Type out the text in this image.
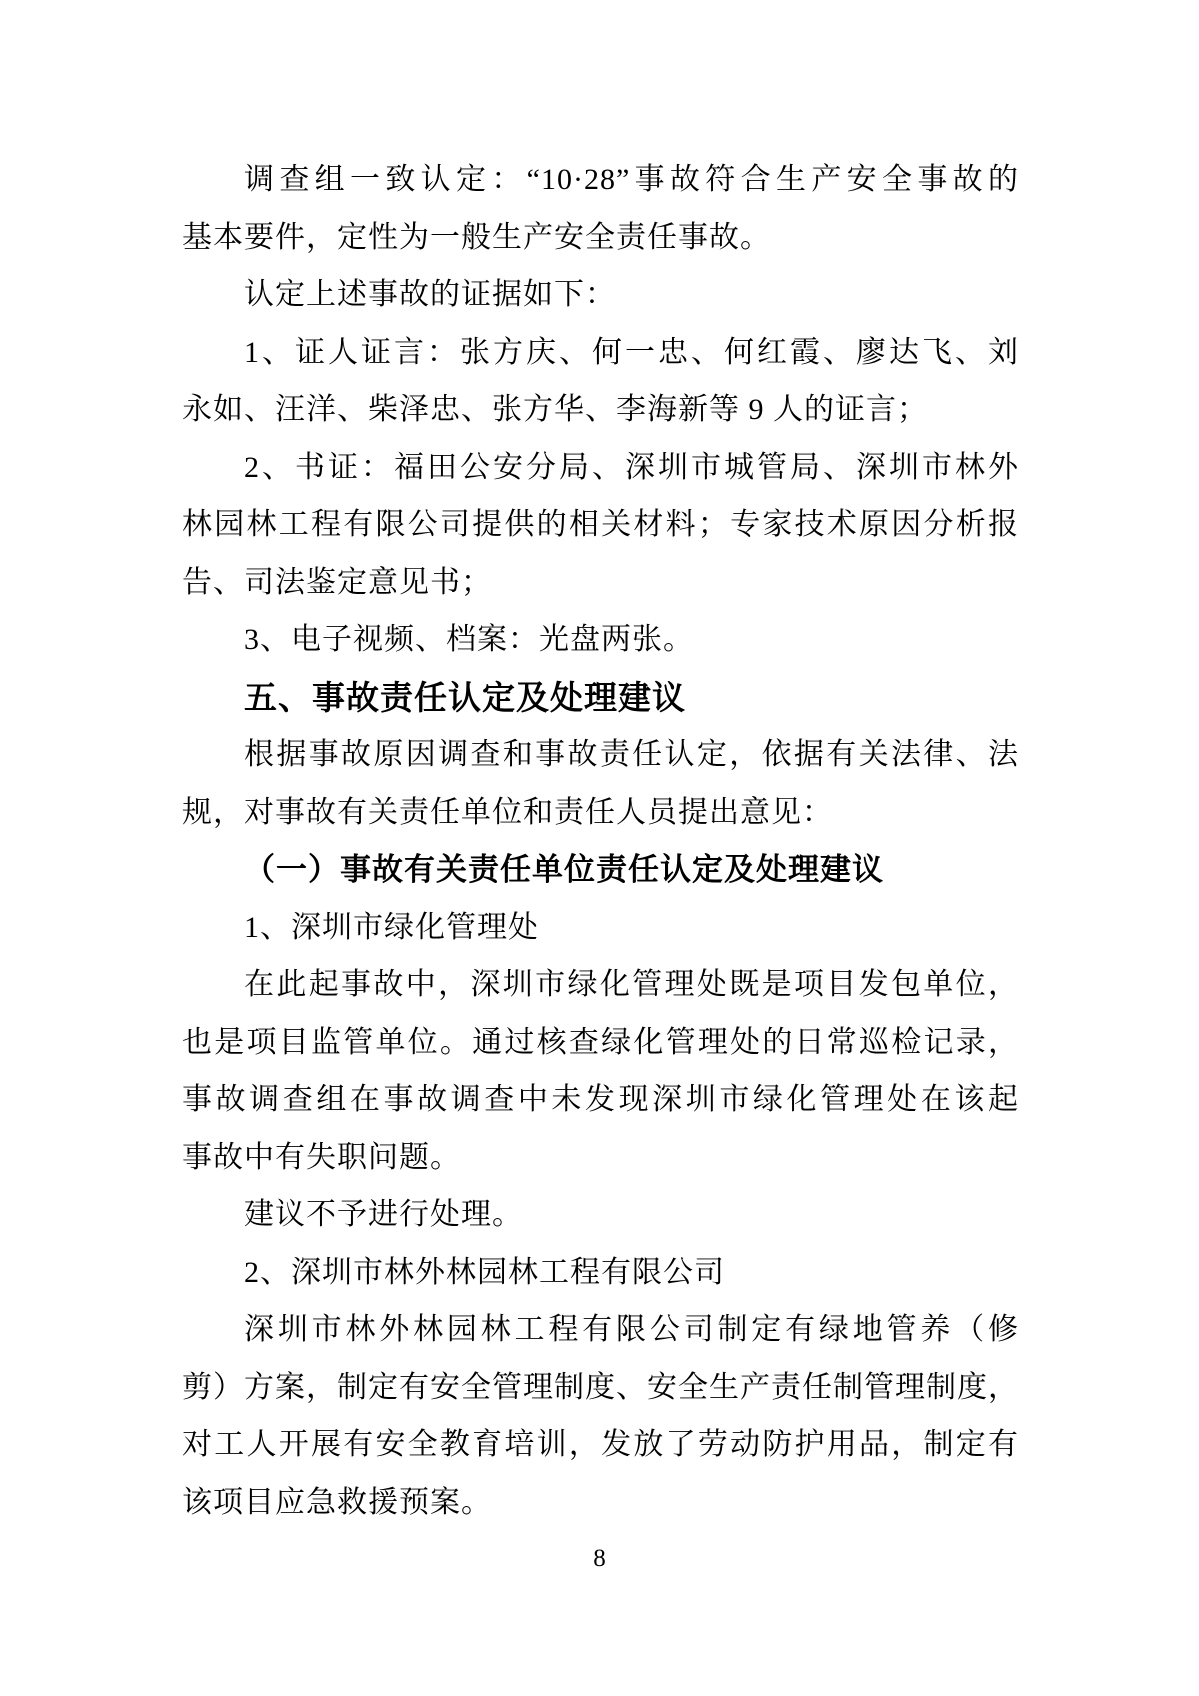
调查组一致认定：“10·28”事故符合生产安全事故的
基本要件，定性为一般生产安全责任事故。
认定上述事故的证据如下：
1、证人证言：张方庆、何一忠、何红霞、廖达飞、刘
永如、汪洋、柴泽忠、张方华、李海新等 9 人的证言；
2、书证：福田公安分局、深圳市城管局、深圳市林外
林园林工程有限公司提供的相关材料；专家技术原因分析报
告、司法鉴定意见书；
3、电子视频、档案：光盘两张。
五、事故责任认定及处理建议
根据事故原因调查和事故责任认定，依据有关法律、法
规，对事故有关责任单位和责任人员提出意见：
（一）事故有关责任单位责任认定及处理建议
1、深圳市绿化管理处
在此起事故中，深圳市绿化管理处既是项目发包单位，
也是项目监管单位。通过核查绿化管理处的日常巡检记录，
事故调查组在事故调查中未发现深圳市绿化管理处在该起
事故中有失职问题。
建议不予进行处理。
2、深圳市林外林园林工程有限公司
深圳市林外林园林工程有限公司制定有绿地管养（修
剪）方案，制定有安全管理制度、安全生产责任制管理制度，
对工人开展有安全教育培训，发放了劳动防护用品，制定有
该项目应急救援预案。
8
